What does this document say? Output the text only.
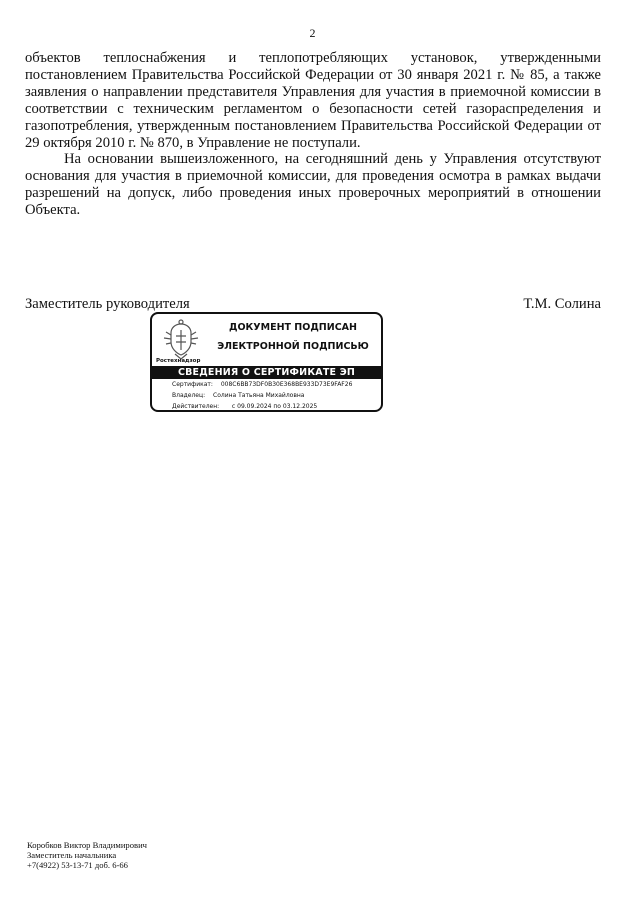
2

объектов теплоснабжения и теплопотребляющих установок, утвержденными постановлением Правительства Российской Федерации от 30 января 2021 г. № 85, а также заявления о направлении представителя Управления для участия в приемочной комиссии в соответствии с техническим регламентом о безопасности сетей газораспределения и газопотребления, утвержденным постановлением Правительства Российской Федерации от 29 октября 2010 г. № 870, в Управление не поступали.

На основании вышеизложенного, на сегодняшний день у Управления отсутствуют основания для участия в приемочной комиссии, для проведения осмотра в рамках выдачи разрешений на допуск, либо проведения иных проверочных мероприятий в отношении Объекта.

Заместитель руководителя	Т.М. Солина
Ростехнадзор
ДОКУМЕНТ ПОДПИСАН
ЭЛЕКТРОННОЙ ПОДПИСЬЮ
СВЕДЕНИЯ О СЕРТИФИКАТЕ ЭП
Сертификат: 008C6BB73DF0B30E368BE933D73E9FAF26
Владелец: Солина Татьяна Михайловна
Действителен: с 09.09.2024 по 03.12.2025
Коробков Виктор Владимирович
Заместитель начальника
+7(4922) 53-13-71 доб. 6-66
